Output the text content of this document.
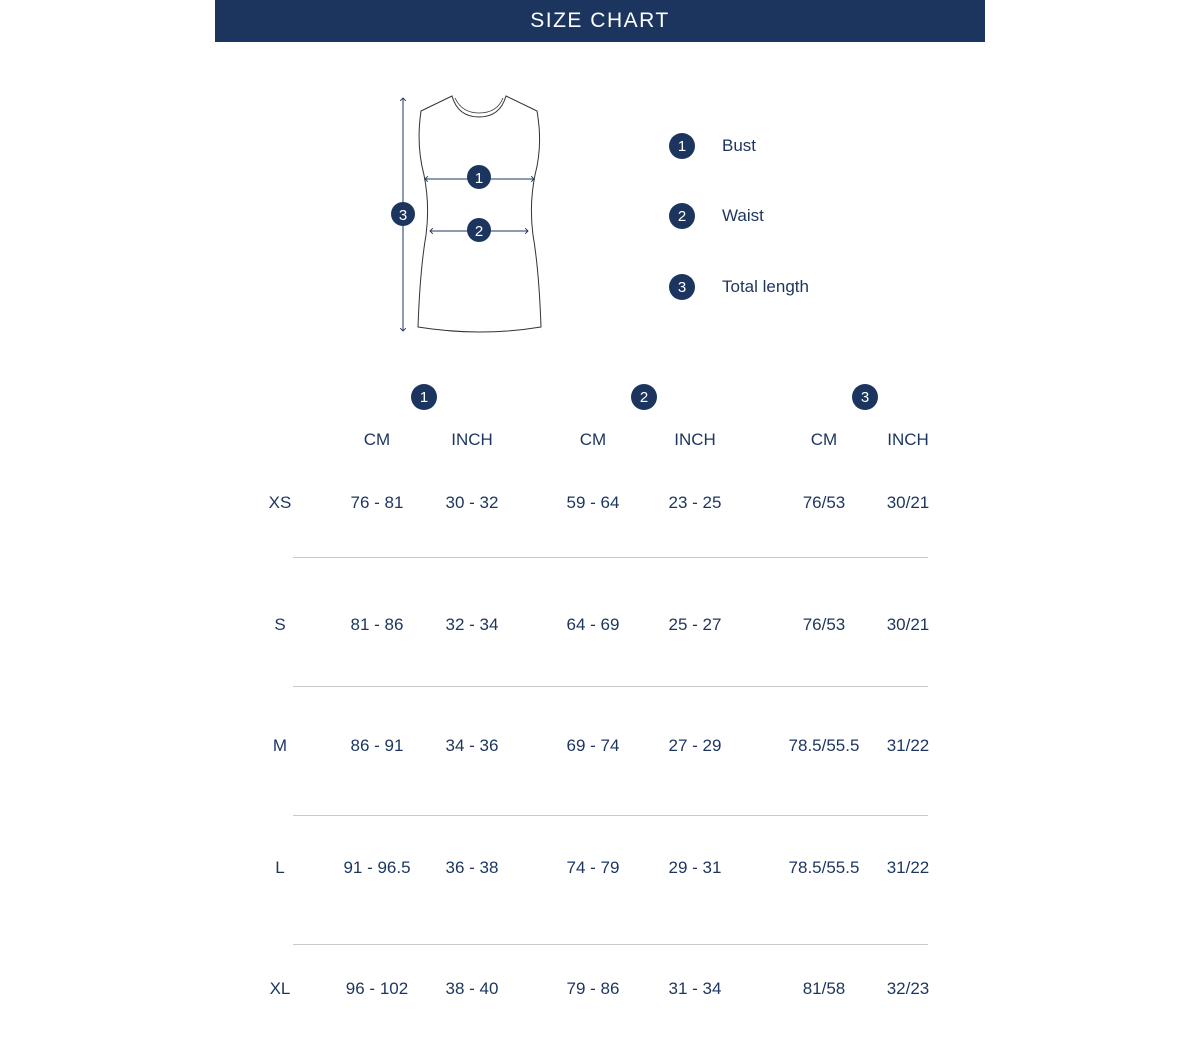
SIZE CHART
1
2
3
1	Bust
2	Waist
3	Total length
1	2	3
CM	INCH	CM	INCH	CM	INCH
XS	76 - 81	30 - 32	59 - 64	23 - 25	76/53	30/21
S	81 - 86	32 - 34	64 - 69	25 - 27	76/53	30/21
M	86 - 91	34 - 36	69 - 74	27 - 29	78.5/55.5	31/22
L	91 - 96.5	36 - 38	74 - 79	29 - 31	78.5/55.5	31/22
XL	96 - 102	38 - 40	79 - 86	31 - 34	81/58	32/23
